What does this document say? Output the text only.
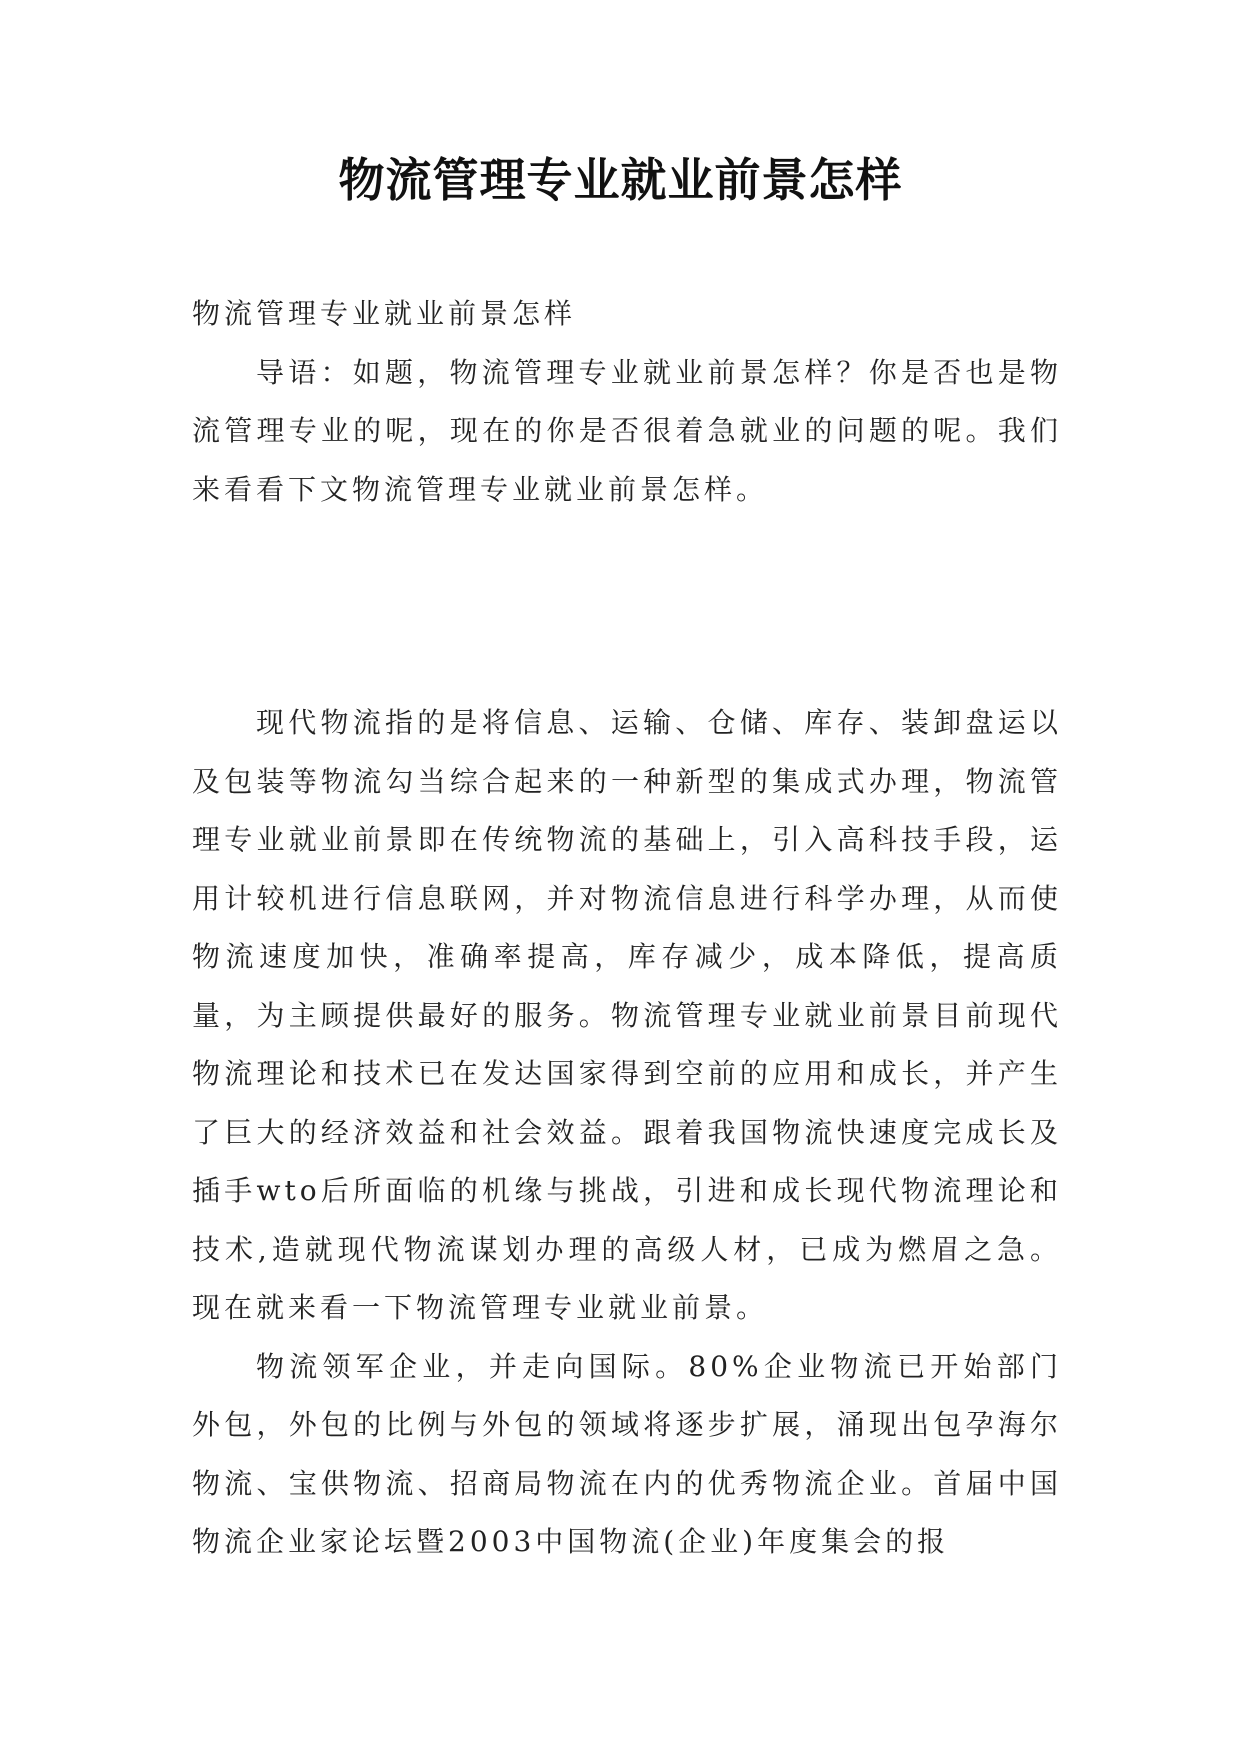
物流管理专业就业前景怎样

物流管理专业就业前景怎样

导语：如题，物流管理专业就业前景怎样？你是否也是物流管理专业的呢，现在的你是否很着急就业的问题的呢。我们来看看下文物流管理专业就业前景怎样。

现代物流指的是将信息、运输、仓储、库存、装卸盘运以及包装等物流勾当综合起来的一种新型的集成式办理，物流管理专业就业前景即在传统物流的基础上，引入高科技手段，运用计较机进行信息联网，并对物流信息进行科学办理，从而使物流速度加快，准确率提高，库存减少，成本降低，提高质量，为主顾提供最好的服务。物流管理专业就业前景目前现代物流理论和技术已在发达国家得到空前的应用和成长，并产生了巨大的经济效益和社会效益。跟着我国物流快速度完成长及插手wto后所面临的机缘与挑战，引进和成长现代物流理论和技术,造就现代物流谋划办理的高级人材，已成为燃眉之急。现在就来看一下物流管理专业就业前景。

物流领军企业，并走向国际。80%企业物流已开始部门外包，外包的比例与外包的领域将逐步扩展，涌现出包孕海尔物流、宝供物流、招商局物流在内的优秀物流企业。首届中国物流企业家论坛暨2003中国物流(企业)年度集会的报
